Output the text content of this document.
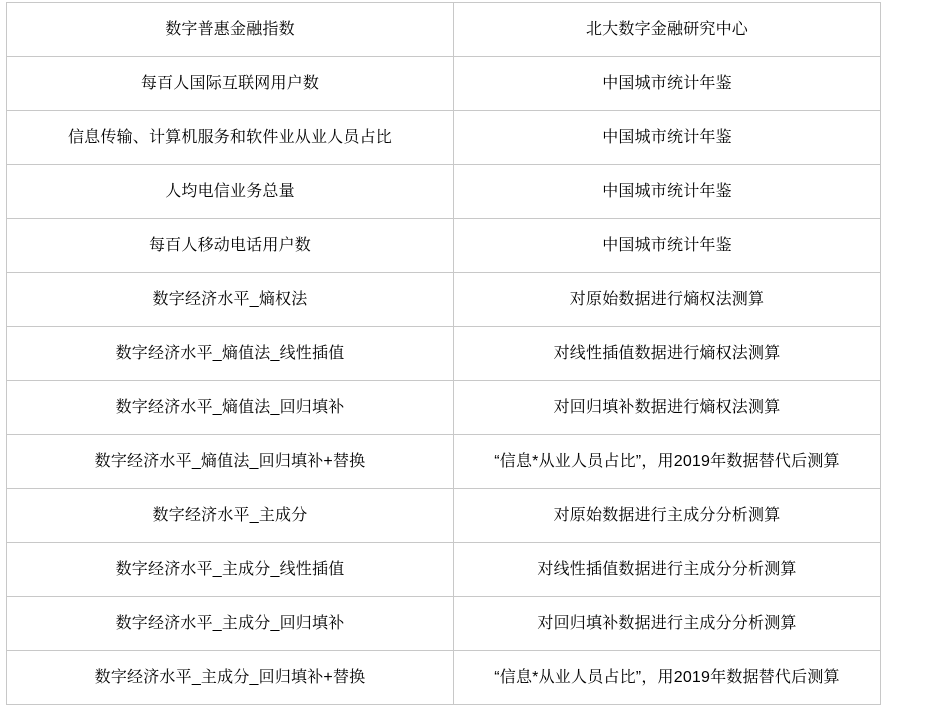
数字普惠金融指数	北大数字金融研究中心
每百人国际互联网用户数	中国城市统计年鉴
信息传输、计算机服务和软件业从业人员占比	中国城市统计年鉴
人均电信业务总量	中国城市统计年鉴
每百人移动电话用户数	中国城市统计年鉴
数字经济水平_熵权法	对原始数据进行熵权法测算
数字经济水平_熵值法_线性插值	对线性插值数据进行熵权法测算
数字经济水平_熵值法_回归填补	对回归填补数据进行熵权法测算
数字经济水平_熵值法_回归填补+替换	“信息*从业人员占比”，用2019年数据替代后测算
数字经济水平_主成分	对原始数据进行主成分分析测算
数字经济水平_主成分_线性插值	对线性插值数据进行主成分分析测算
数字经济水平_主成分_回归填补	对回归填补数据进行主成分分析测算
数字经济水平_主成分_回归填补+替换	“信息*从业人员占比”，用2019年数据替代后测算
